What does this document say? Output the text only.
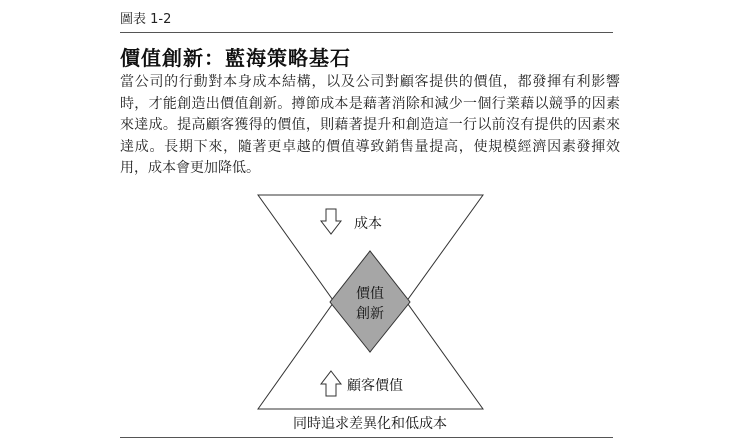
圖表 1-2
價值創新：藍海策略基石
當公司的行動對本身成本結構，以及公司對顧客提供的價值，都發揮有利影響時，才能創造出價值創新。撙節成本是藉著消除和減少一個行業藉以競爭的因素來達成。提高顧客獲得的價值，則藉著提升和創造這一行以前沒有提供的因素來達成。長期下來，隨著更卓越的價值導致銷售量提高，使規模經濟因素發揮效用，成本會更加降低。
成本
顧客價值
價值
創新
同時追求差異化和低成本
